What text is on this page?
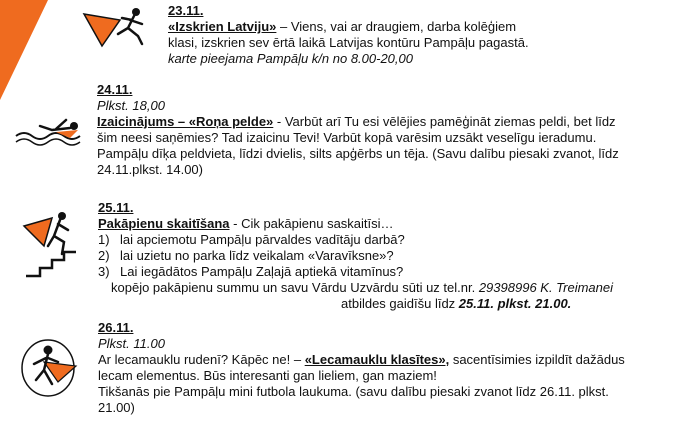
23.11.
«Izskrien Latviju» – Viens, vai ar draugiem, darba kolēģiem
klasi, izskrien sev ērtā laikā Latvijas kontūru Pampāļu pagastā.
karte pieejama Pampāļu k/n no 8.00-20,00
24.11.
Plkst. 18,00
Izaicinājums – «Roņa pelde» - Varbūt arī Tu esi vēlējies pamēģināt ziemas peldi, bet līdz
šim neesi saņēmies? Tad izaicinu Tevi! Varbūt kopā varēsim uzsākt veselīgu ieradumu.
Pampāļu dīķa peldvieta, līdzi dvielis, silts apģērbs un tēja. (Savu dalību piesaki zvanot, līdz
24.11.plkst. 14.00)
25.11.
Pakāpienu skaitīšana - Cik pakāpienu saskaitīsi…
1) lai apciemotu Pampāļu pārvaldes vadītāju darbā?
2) lai uzietu no parka līdz veikalam «Varavīksne»?
3) Lai iegādātos Pampāļu Zaļajā aptiekā vitamīnus?
kopējo pakāpienu summu un savu Vārdu Uzvārdu sūti uz tel.nr. 29398996 K. Treimanei
atbildes gaidīšu līdz 25.11. plkst. 21.00.
26.11.
Plkst. 11.00
Ar lecamauklu rudenī? Kāpēc ne! – «Lecamauklu klasītes», sacentīsimies izpildīt dažādus
lecam elementus. Būs interesanti gan lieliem, gan maziem!
Tikšanās pie Pampāļu mini futbola laukuma. (savu dalību piesaki zvanot līdz 26.11. plkst.
21.00)
